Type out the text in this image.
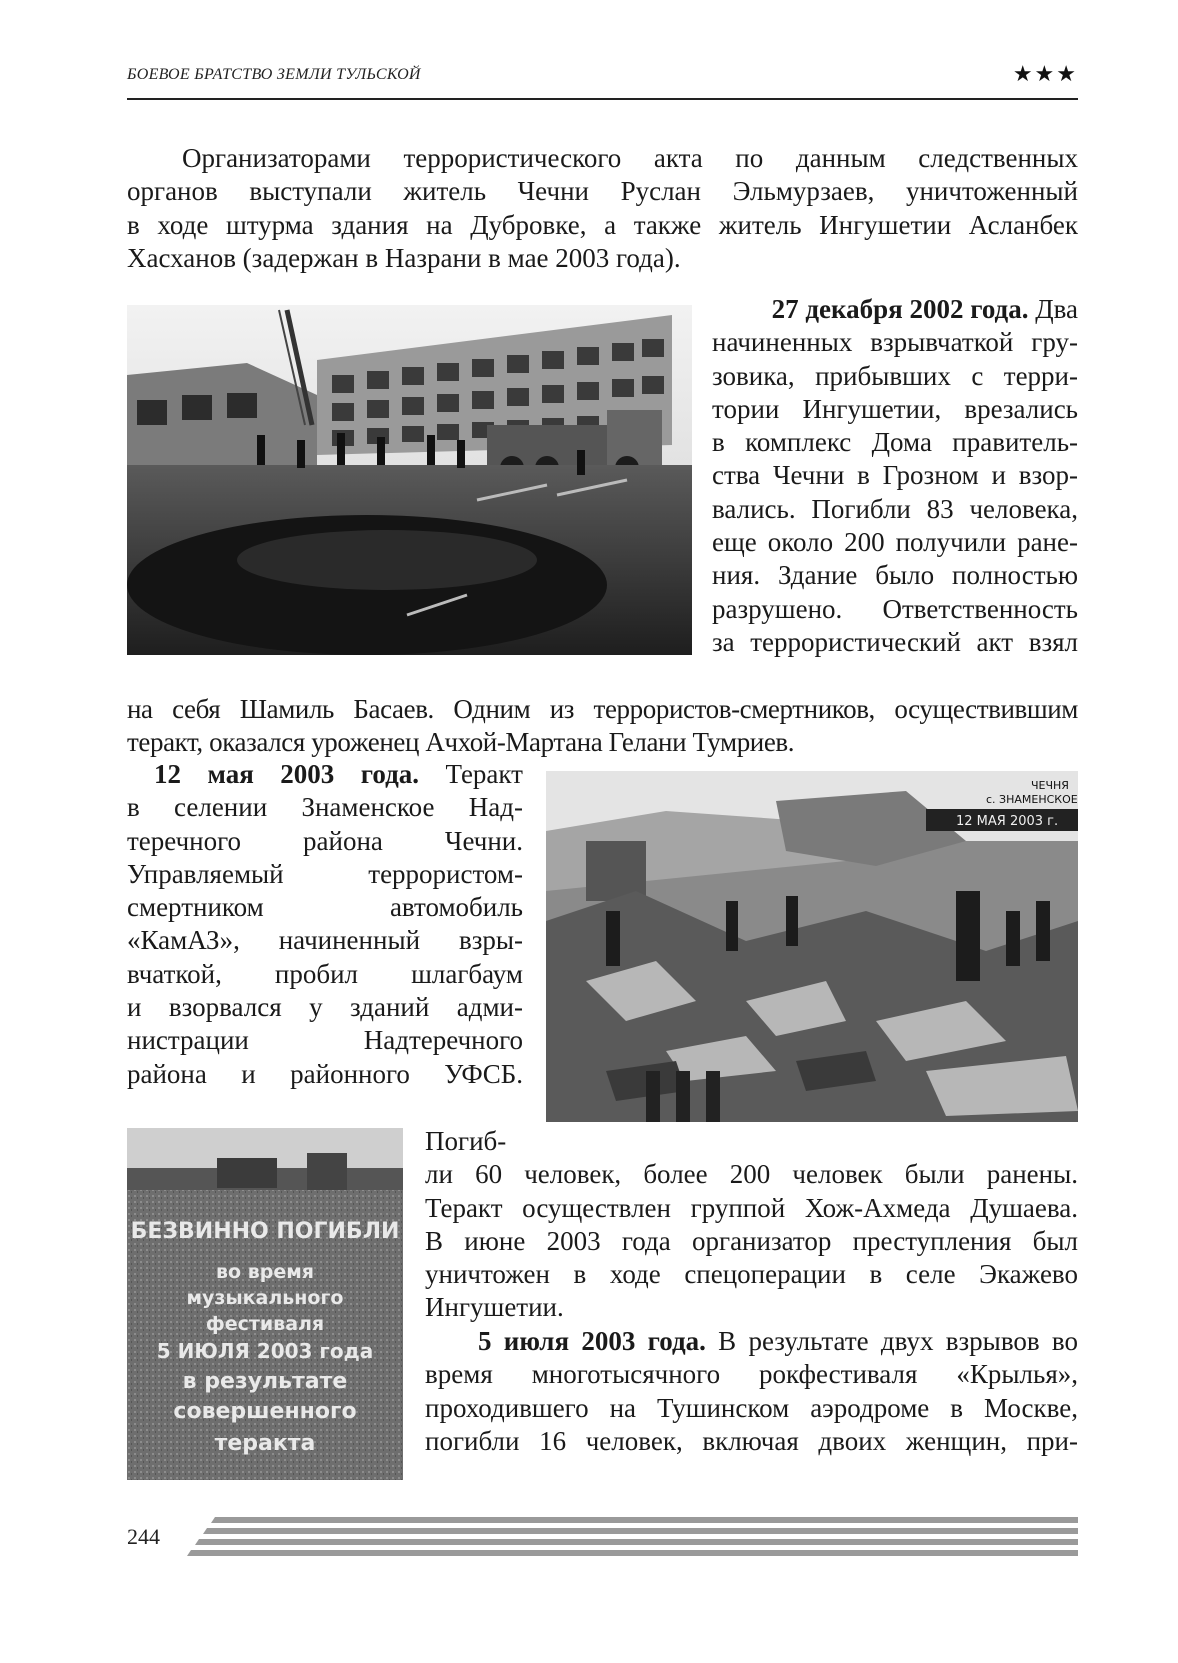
БОЕВОЕ БРАТСТВО ЗЕМЛИ ТУЛЬСКОЙ	★★★
Организаторами террористического акта по данным следственных
органов выступали житель Чечни Руслан Эльмурзаев, уничтоженный
в ходе штурма здания на Дубровке, а также житель Ингушетии Асланбек
Хасханов (задержан в Назрани в мае 2003 года).
27 декабря 2002 года. Два
начиненных взрывчаткой гру-
зовика, прибывших с терри-
тории Ингушетии, врезались
в комплекс Дома правитель-
ства Чечни в Грозном и взор-
вались. Погибли 83 человека,
еще около 200 получили ране-
ния. Здание было полностью
разрушено. Ответственность
за террористический акт взял
на себя Шамиль Басаев. Одним из террористов-смертников, осуществившим
теракт, оказался уроженец Ачхой-Мартана Гелани Тумриев.
ЧЕЧНЯ
с. ЗНАМЕНСКОЕ
12 МАЯ 2003 г.
12 мая 2003 года. Теракт
в селении Знаменское Над-
теречного района Чечни.
Управляемый террористом-
смертником автомобиль
«КамАЗ», начиненный взры-
вчаткой, пробил шлагбаум
и взорвался у зданий адми-
нистрации Надтеречного
района и районного УФСБ.
БЕЗВИННО ПОГИБЛИ
во время
музыкального
фестиваля
5 ИЮЛЯ 2003 года
в результате
совершенного
теракта
Погиб-
ли 60 человек, более 200 человек были ранены.
Теракт осуществлен группой Хож-Ахмеда Душаева.
В июне 2003 года организатор преступления был
уничтожен в ходе спецоперации в селе Экажево
Ингушетии.
5 июля 2003 года. В результате двух взрывов во
время многотысячного рокфестиваля «Крылья»,
проходившего на Тушинском аэродроме в Москве,
погибли 16 человек, включая двоих женщин, при-
244
